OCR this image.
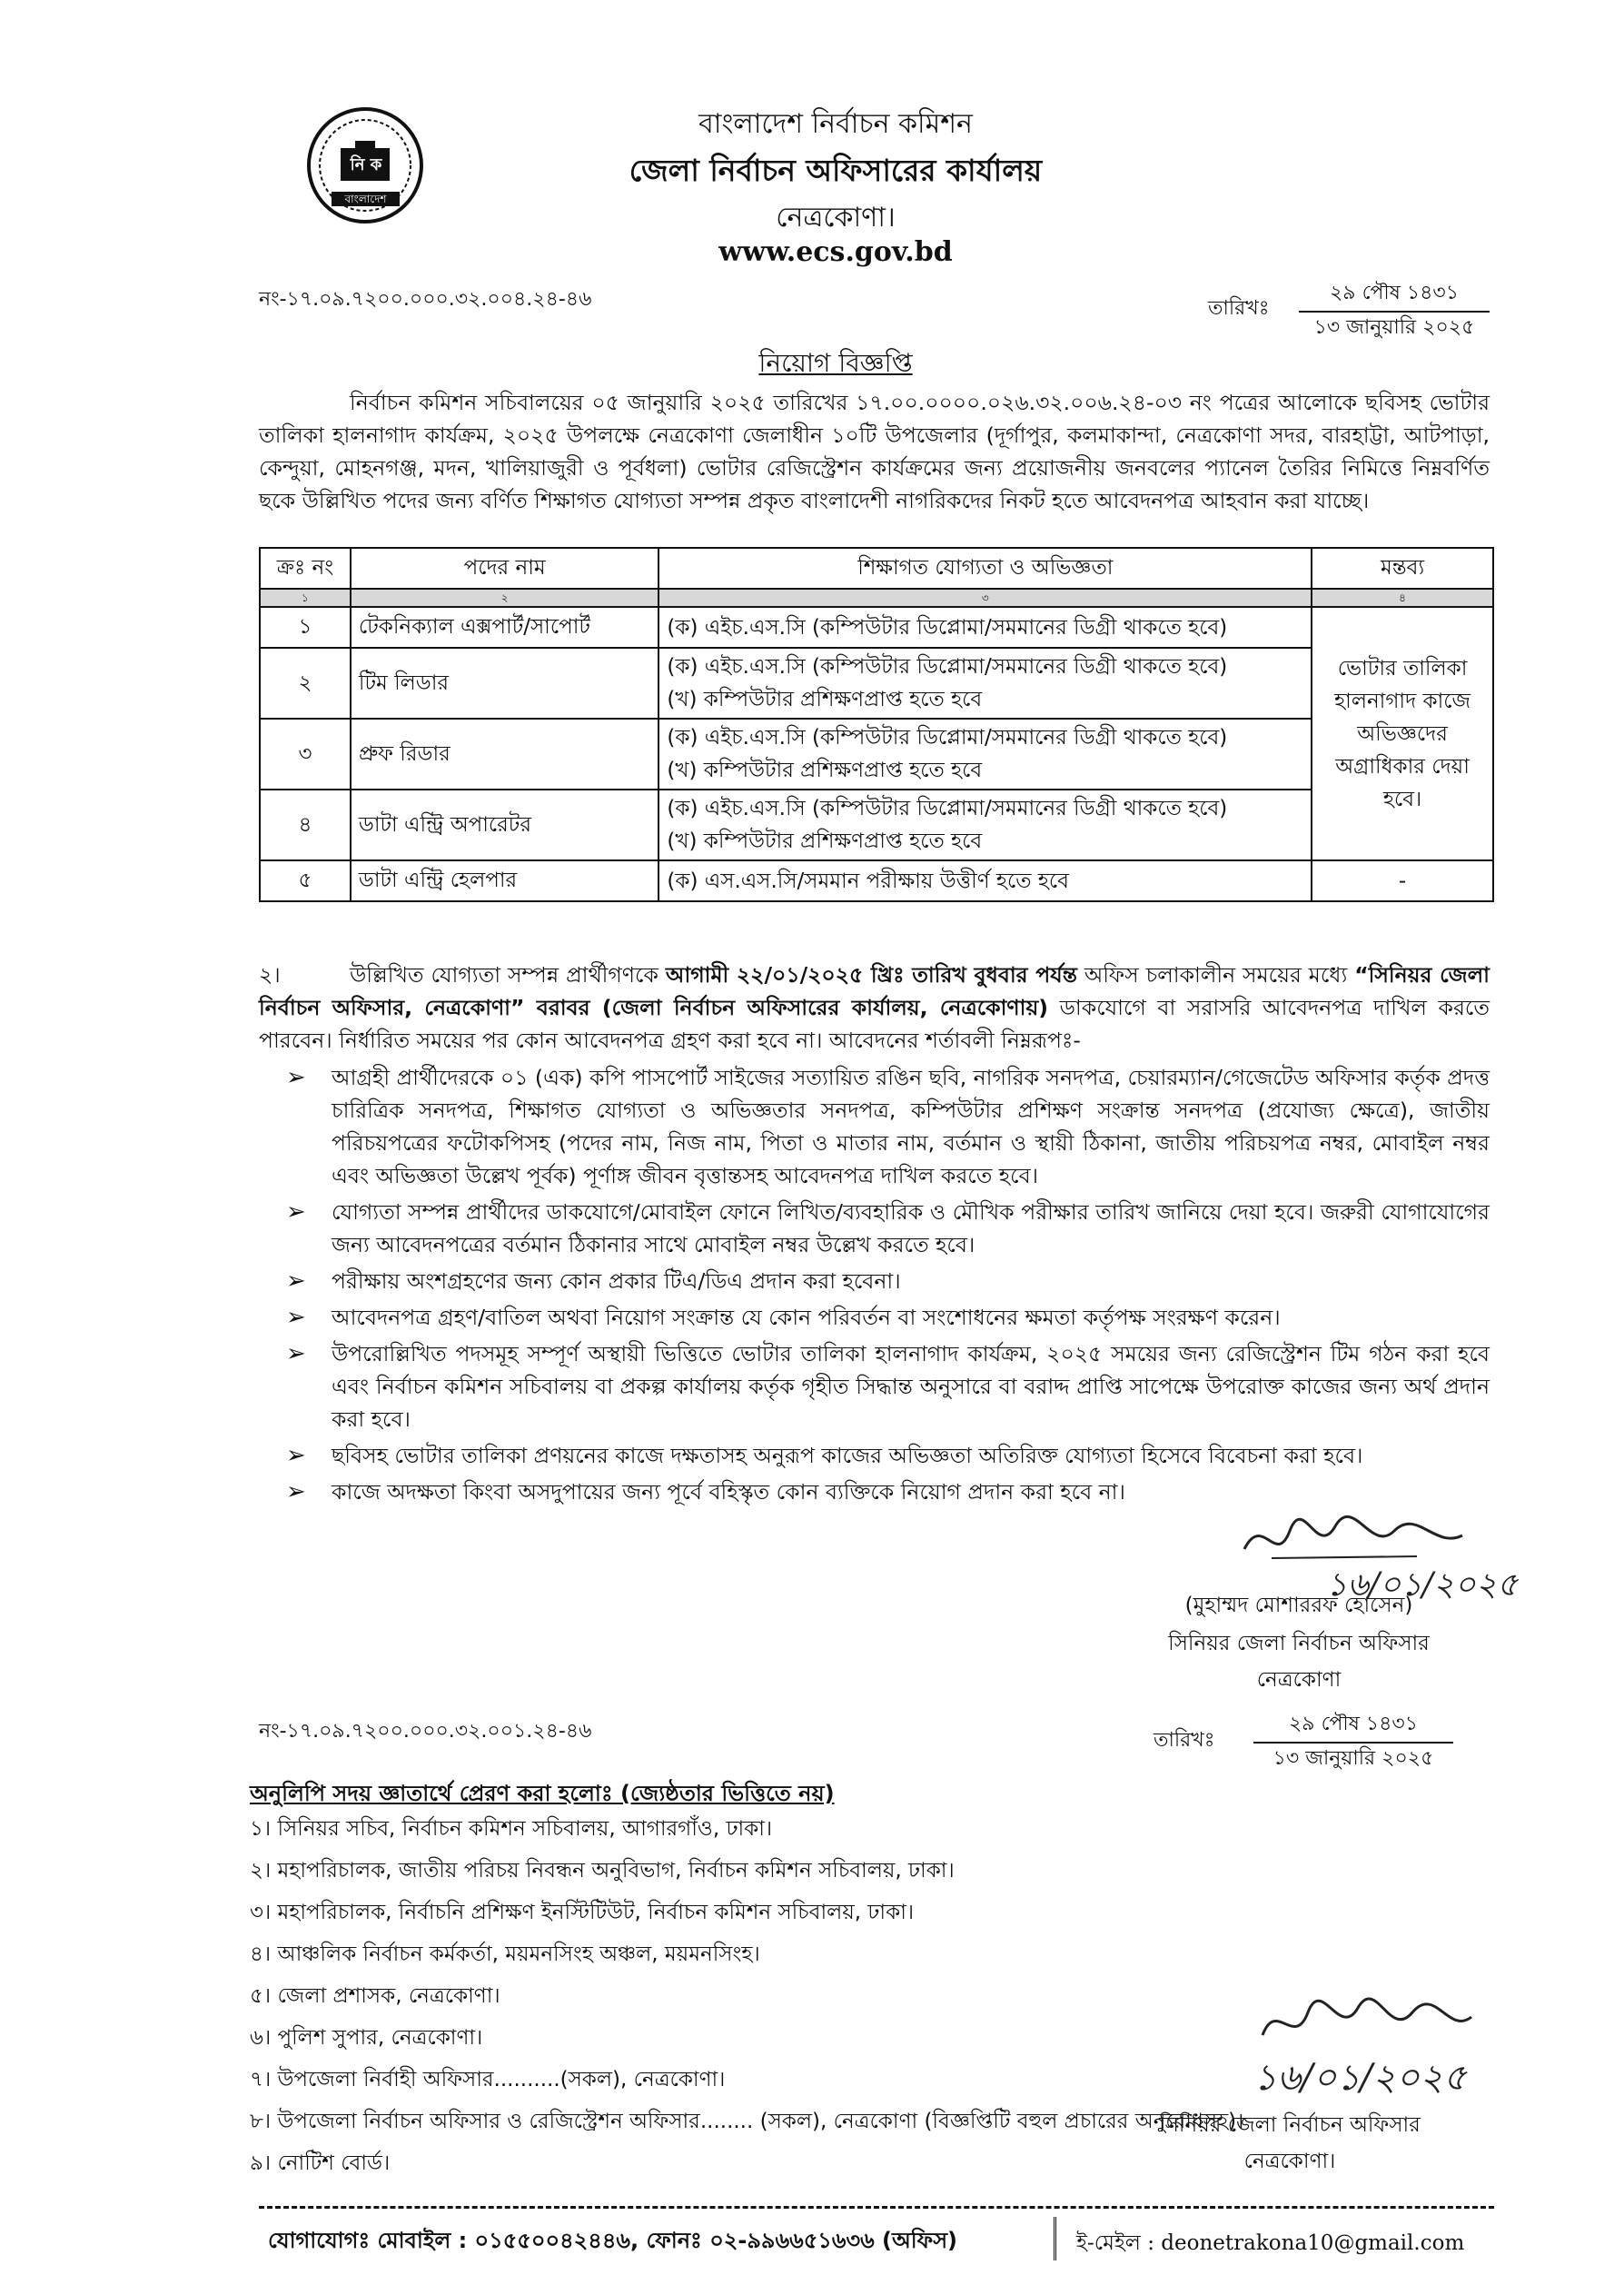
নি ক
বাংলাদেশ
বাংলাদেশ নির্বাচন কমিশন
জেলা নির্বাচন অফিসারের কার্যালয়
নেত্রকোণা।
www.ecs.gov.bd
নং-১৭.০৯.৭২০০.০০০.৩২.০০৪.২৪-৪৬	তারিখঃ
২৯ পৌষ ১৪৩১
১৩ জানুয়ারি ২০২৫
নিয়োগ বিজ্ঞপ্তি
নির্বাচন কমিশন সচিবালয়ের ০৫ জানুয়ারি ২০২৫ তারিখের ১৭.০০.০০০০.০২৬.৩২.০০৬.২৪-০৩ নং পত্রের আলোকে ছবিসহ ভোটার তালিকা হালনাগাদ কার্যক্রম, ২০২৫ উপলক্ষে নেত্রকোণা জেলাধীন ১০টি উপজেলার (দূর্গাপুর, কলমাকান্দা, নেত্রকোণা সদর, বারহাট্টা, আটপাড়া, কেন্দুয়া, মোহনগঞ্জ, মদন, খালিয়াজুরী ও পূর্বধলা) ভোটার রেজিস্ট্রেশন কার্যক্রমের জন্য প্রয়োজনীয় জনবলের প্যানেল তৈরির নিমিত্তে নিম্নবর্ণিত ছকে উল্লিখিত পদের জন্য বর্ণিত শিক্ষাগত যোগ্যতা সম্পন্ন প্রকৃত বাংলাদেশী নাগরিকদের নিকট হতে আবেদনপত্র আহবান করা যাচ্ছে।
ক্রঃ নং	পদের নাম	শিক্ষাগত যোগ্যতা ও অভিজ্ঞতা	মন্তব্য
১	২	৩	৪
১	টেকনিক্যাল এক্সপার্ট/সাপোর্ট	(ক) এইচ.এস.সি (কম্পিউটার ডিপ্লোমা/সমমানের ডিগ্রী থাকতে হবে)	ভোটার তালিকা হালনাগাদ কাজে অভিজ্ঞদের অগ্রাধিকার দেয়া হবে।
২	টিম লিডার	(ক) এইচ.এস.সি (কম্পিউটার ডিপ্লোমা/সমমানের ডিগ্রী থাকতে হবে)
(খ) কম্পিউটার প্রশিক্ষণপ্রাপ্ত হতে হবে	

৩	প্রুফ রিডার	(ক) এইচ.এস.সি (কম্পিউটার ডিপ্লোমা/সমমানের ডিগ্রী থাকতে হবে)
(খ) কম্পিউটার প্রশিক্ষণপ্রাপ্ত হতে হবে	

৪	ডাটা এন্ট্রি অপারেটর	(ক) এইচ.এস.সি (কম্পিউটার ডিপ্লোমা/সমমানের ডিগ্রী থাকতে হবে)
(খ) কম্পিউটার প্রশিক্ষণপ্রাপ্ত হতে হবে	

৫	ডাটা এন্ট্রি হেলপার	(ক) এস.এস.সি/সমমান পরীক্ষায় উত্তীর্ণ হতে হবে	-
২।	উল্লিখিত যোগ্যতা সম্পন্ন প্রার্থীগণকে আগামী ২২/০১/২০২৫ খ্রিঃ তারিখ বুধবার পর্যন্ত অফিস চলাকালীন সময়ের মধ্যে “সিনিয়র জেলা নির্বাচন অফিসার, নেত্রকোণা” বরাবর (জেলা নির্বাচন অফিসারের কার্যালয়, নেত্রকোণায়) ডাকযোগে বা সরাসরি আবেদনপত্র দাখিল করতে পারবেন। নির্ধারিত সময়ের পর কোন আবেদনপত্র গ্রহণ করা হবে না। আবেদনের শর্তাবলী নিম্নরূপঃ-
➢ আগ্রহী প্রার্থীদেরকে ০১ (এক) কপি পাসপোর্ট সাইজের সত্যায়িত রঙিন ছবি, নাগরিক সনদপত্র, চেয়ারম্যান/গেজেটেড অফিসার কর্তৃক প্রদত্ত চারিত্রিক সনদপত্র, শিক্ষাগত যোগ্যতা ও অভিজ্ঞতার সনদপত্র, কম্পিউটার প্রশিক্ষণ সংক্রান্ত সনদপত্র (প্রযোজ্য ক্ষেত্রে), জাতীয় পরিচয়পত্রের ফটোকপিসহ (পদের নাম, নিজ নাম, পিতা ও মাতার নাম, বর্তমান ও স্থায়ী ঠিকানা, জাতীয় পরিচয়পত্র নম্বর, মোবাইল নম্বর এবং অভিজ্ঞতা উল্লেখ পূর্বক) পূর্ণাঙ্গ জীবন বৃত্তান্তসহ আবেদনপত্র দাখিল করতে হবে।
➢ যোগ্যতা সম্পন্ন প্রার্থীদের ডাকযোগে/মোবাইল ফোনে লিখিত/ব্যবহারিক ও মৌখিক পরীক্ষার তারিখ জানিয়ে দেয়া হবে। জরুরী যোগাযোগের জন্য আবেদনপত্রের বর্তমান ঠিকানার সাথে মোবাইল নম্বর উল্লেখ করতে হবে।
➢ পরীক্ষায় অংশগ্রহণের জন্য কোন প্রকার টিএ/ডিএ প্রদান করা হবেনা।
➢ আবেদনপত্র গ্রহণ/বাতিল অথবা নিয়োগ সংক্রান্ত যে কোন পরিবর্তন বা সংশোধনের ক্ষমতা কর্তৃপক্ষ সংরক্ষণ করেন।
➢ উপরোল্লিখিত পদসমূহ সম্পূর্ণ অস্থায়ী ভিত্তিতে ভোটার তালিকা হালনাগাদ কার্যক্রম, ২০২৫ সময়ের জন্য রেজিস্ট্রেশন টিম গঠন করা হবে এবং নির্বাচন কমিশন সচিবালয় বা প্রকল্প কার্যালয় কর্তৃক গৃহীত সিদ্ধান্ত অনুসারে বা বরাদ্দ প্রাপ্তি সাপেক্ষে উপরোক্ত কাজের জন্য অর্থ প্রদান করা হবে।
➢ ছবিসহ ভোটার তালিকা প্রণয়নের কাজে দক্ষতাসহ অনুরূপ কাজের অভিজ্ঞতা অতিরিক্ত যোগ্যতা হিসেবে বিবেচনা করা হবে।
➢ কাজে অদক্ষতা কিংবা অসদুপায়ের জন্য পূর্বে বহিস্কৃত কোন ব্যক্তিকে নিয়োগ প্রদান করা হবে না।
১৬/০১/২০২৫
(মুহাম্মদ মোশাররফ হোসেন)
সিনিয়র জেলা নির্বাচন অফিসার
নেত্রকোণা
নং-১৭.০৯.৭২০০.০০০.৩২.০০১.২৪-৪৬	তারিখঃ
২৯ পৌষ ১৪৩১
১৩ জানুয়ারি ২০২৫
অনুলিপি সদয় জ্ঞাতার্থে প্রেরণ করা হলোঃ (জ্যেষ্ঠতার ভিত্তিতে নয়)
১। সিনিয়র সচিব, নির্বাচন কমিশন সচিবালয়, আগারগাঁও, ঢাকা।
২। মহাপরিচালক, জাতীয় পরিচয় নিবন্ধন অনুবিভাগ, নির্বাচন কমিশন সচিবালয়, ঢাকা।
৩। মহাপরিচালক, নির্বাচনি প্রশিক্ষণ ইনস্টিটিউট, নির্বাচন কমিশন সচিবালয়, ঢাকা।
৪। আঞ্চলিক নির্বাচন কর্মকর্তা, ময়মনসিংহ অঞ্চল, ময়মনসিংহ।
৫। জেলা প্রশাসক, নেত্রকোণা।
৬। পুলিশ সুপার, নেত্রকোণা।
৭। উপজেলা নির্বাহী অফিসার..........(সকল), নেত্রকোণা।
৮। উপজেলা নির্বাচন অফিসার ও রেজিস্ট্রেশন অফিসার........ (সকল), নেত্রকোণা (বিজ্ঞপ্তিটি বহুল প্রচারের অনুরোধসহ)।
৯। নোটিশ বোর্ড।
১৬/০১/২০২৫
সিনিয়র জেলা নির্বাচন অফিসার
নেত্রকোণা।
যোগাযোগঃ মোবাইল : ০১৫৫০০৪২৪৪৬, ফোনঃ ০২-৯৯৬৬৫১৬৩৬ (অফিস)	ই-মেইল : deonetrakona10@gmail.com
